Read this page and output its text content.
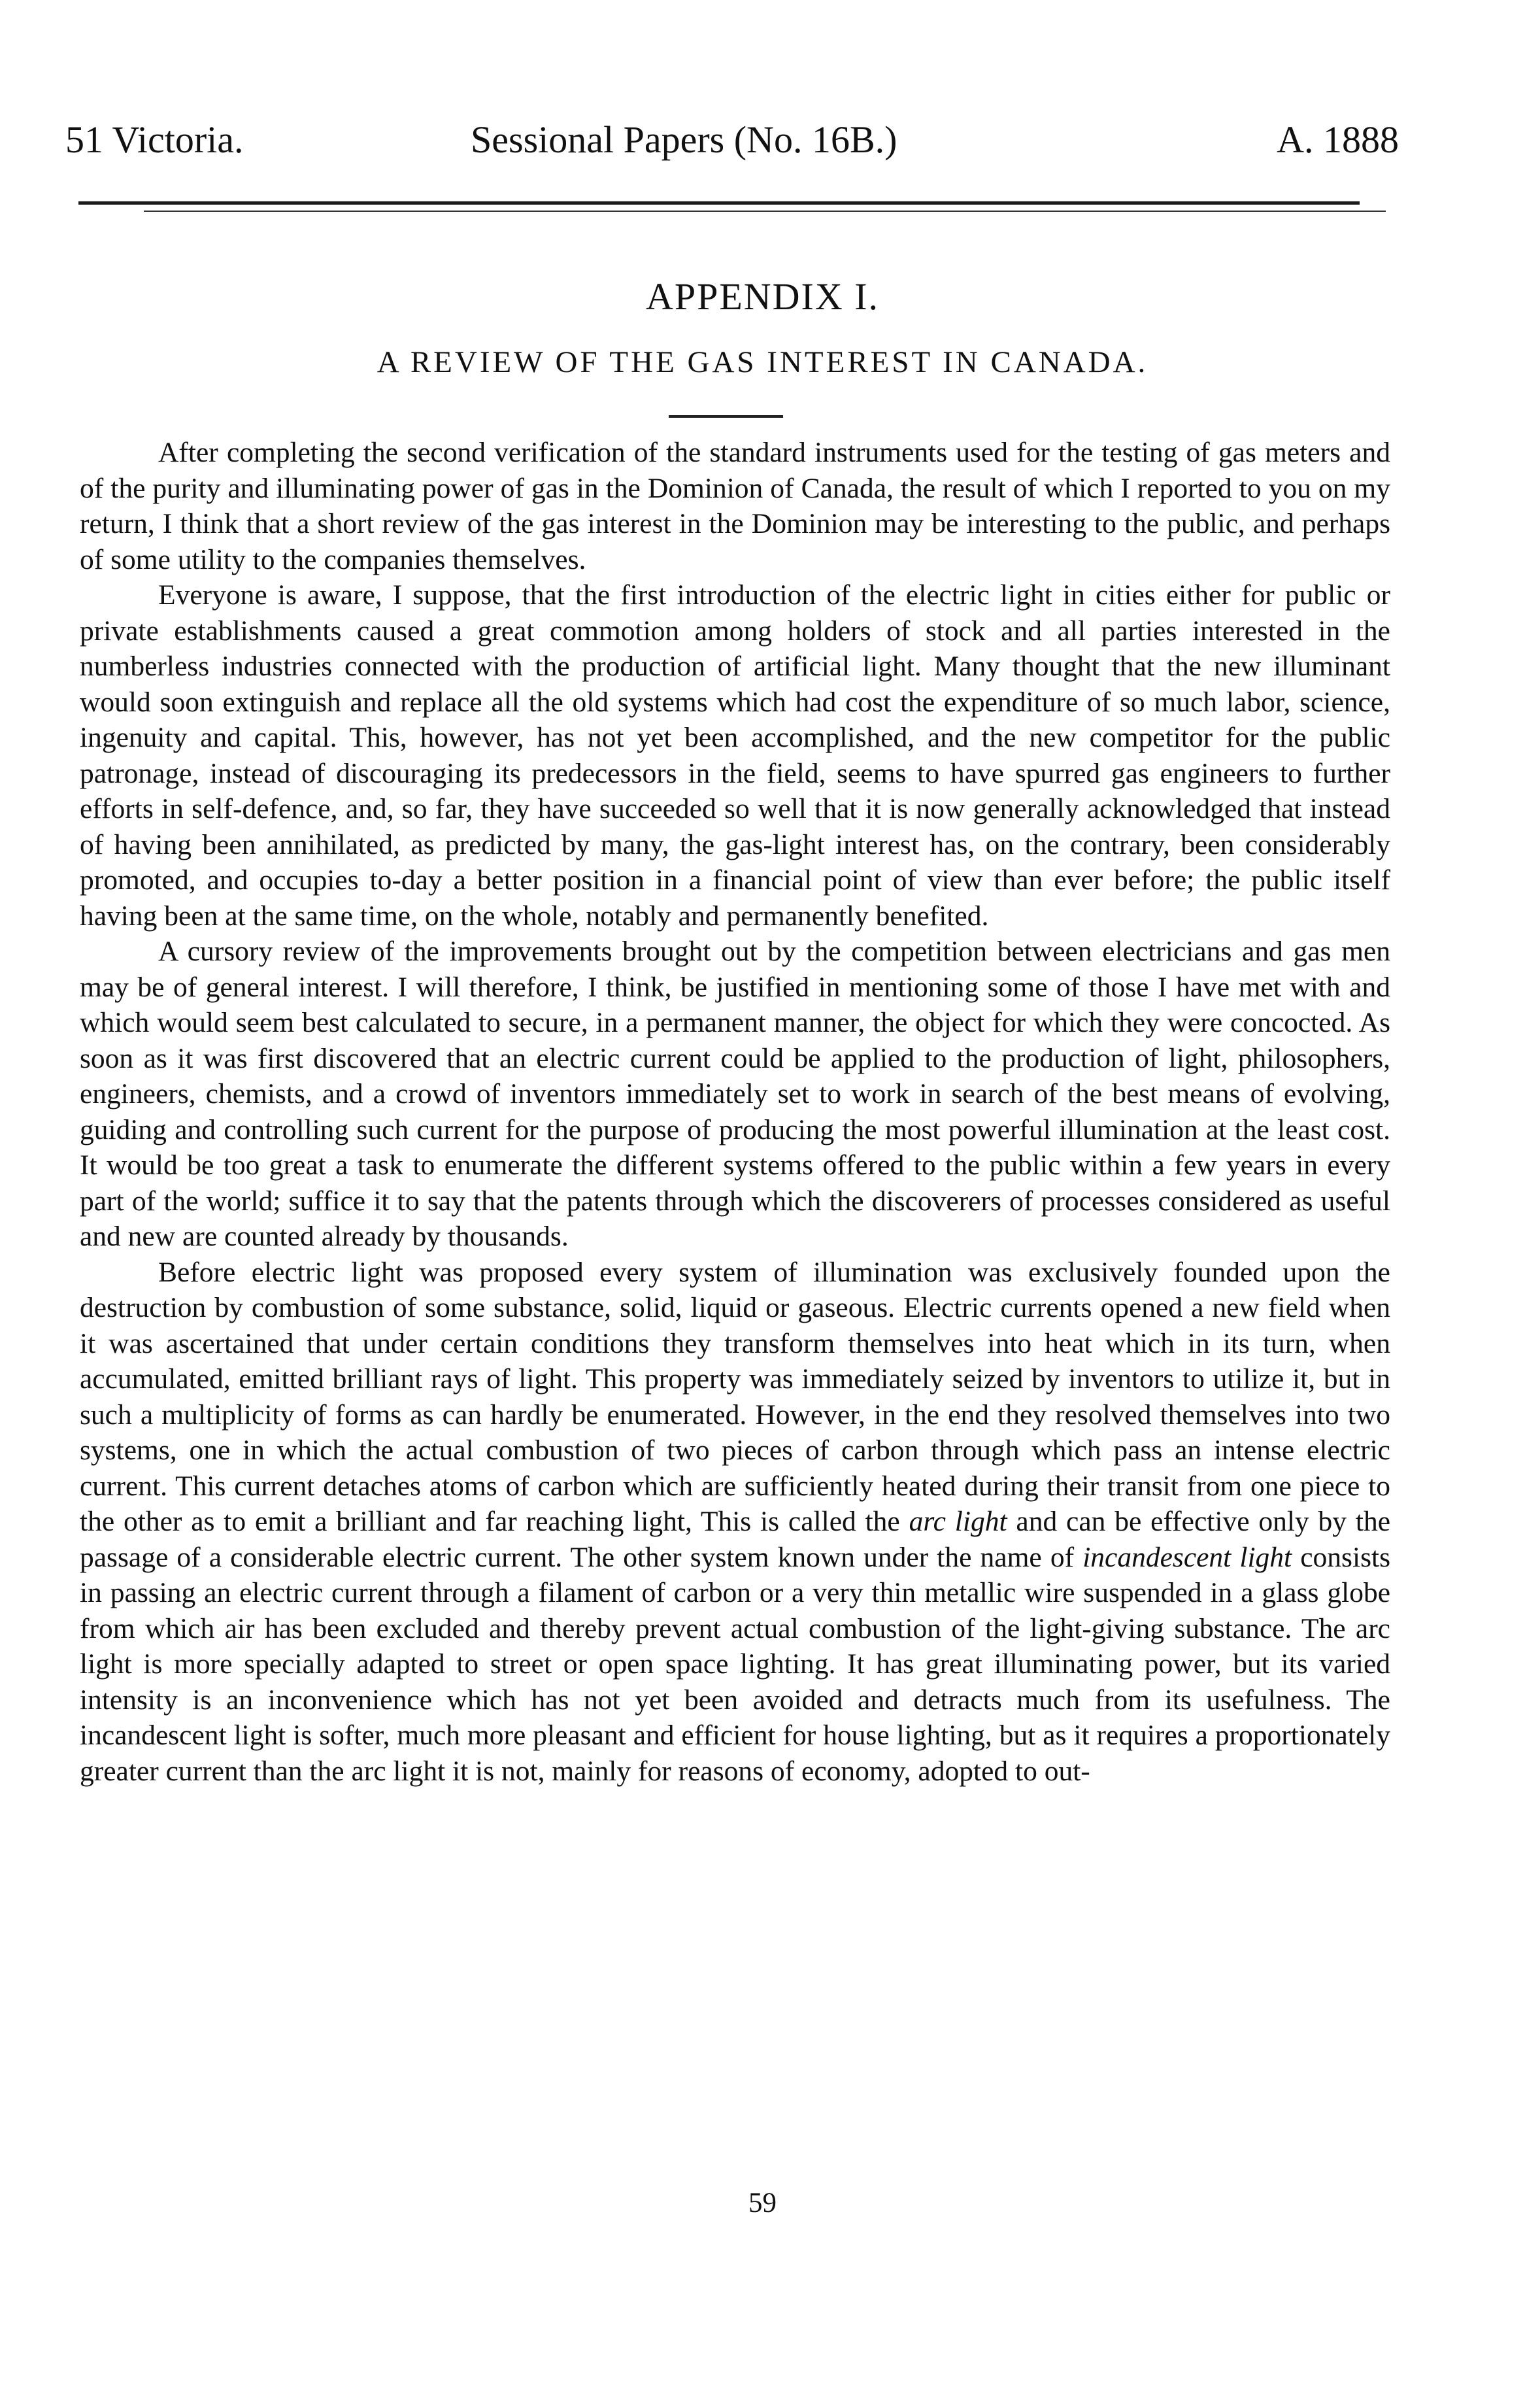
51 Victoria.	Sessional Papers (No. 16B.)	A. 1888
APPENDIX I.
A REVIEW OF THE GAS INTEREST IN CANADA.

After completing the second verification of the standard instruments used for the testing of gas meters and of the purity and illuminating power of gas in the Dominion of Canada, the result of which I reported to you on my return, I think that a short review of the gas interest in the Dominion may be interesting to the public, and perhaps of some utility to the companies themselves.

Everyone is aware, I suppose, that the first introduction of the electric light in cities either for public or private establishments caused a great commotion among holders of stock and all parties interested in the numberless industries connected with the production of artificial light. Many thought that the new illuminant would soon extinguish and replace all the old systems which had cost the expenditure of so much labor, science, ingenuity and capital. This, however, has not yet been accomplished, and the new competitor for the public patronage, instead of discouraging its predecessors in the field, seems to have spurred gas engineers to further efforts in self-defence, and, so far, they have succeeded so well that it is now generally acknowledged that instead of having been annihilated, as predicted by many, the gas-light interest has, on the contrary, been considerably promoted, and occupies to-day a better position in a financial point of view than ever before; the public itself having been at the same time, on the whole, notably and permanently benefited.

A cursory review of the improvements brought out by the competition between electricians and gas men may be of general interest. I will therefore, I think, be justified in mentioning some of those I have met with and which would seem best calculated to secure, in a permanent manner, the object for which they were concocted. As soon as it was first discovered that an electric current could be applied to the production of light, philosophers, engineers, chemists, and a crowd of inventors immediately set to work in search of the best means of evolving, guiding and controlling such current for the purpose of producing the most powerful illumination at the least cost. It would be too great a task to enumerate the different systems offered to the public within a few years in every part of the world; suffice it to say that the patents through which the discoverers of processes considered as useful and new are counted already by thousands.

Before electric light was proposed every system of illumination was exclusively founded upon the destruction by combustion of some substance, solid, liquid or gaseous. Electric currents opened a new field when it was ascertained that under certain conditions they transform themselves into heat which in its turn, when accumulated, emitted brilliant rays of light. This property was immediately seized by inventors to utilize it, but in such a multiplicity of forms as can hardly be enumerated. However, in the end they resolved themselves into two systems, one in which the actual combustion of two pieces of carbon through which pass an intense electric current. This current detaches atoms of carbon which are sufficiently heated during their transit from one piece to the other as to emit a brilliant and far reaching light, This is called the arc light and can be effective only by the passage of a considerable electric current. The other system known under the name of incandescent light consists in passing an electric current through a filament of carbon or a very thin metallic wire suspended in a glass globe from which air has been excluded and thereby prevent actual combustion of the light-giving substance. The arc light is more specially adapted to street or open space lighting. It has great illuminating power, but its varied intensity is an inconvenience which has not yet been avoided and detracts much from its usefulness. The incandescent light is softer, much more pleasant and efficient for house lighting, but as it requires a proportionately greater current than the arc light it is not, mainly for reasons of economy, adopted to out-

59
